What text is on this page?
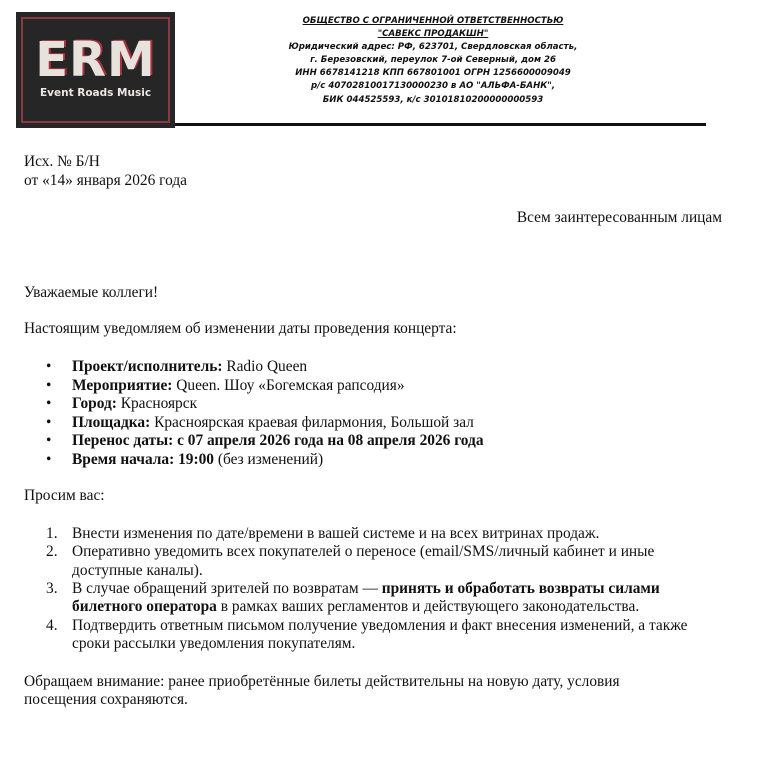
ERM
Event Roads Music
ОБЩЕСТВО С ОГРАНИЧЕННОЙ ОТВЕТСТВЕННОСТЬЮ
"САВЕКС ПРОДАКШН"
Юридический адрес: РФ, 623701, Свердловская область,
г. Березовский, переулок 7-ой Северный, дом 26
ИНН 6678141218 КПП 667801001 ОГРН 1256600009049
р/с 40702810017130000230 в АО "АЛЬФА-БАНК",
БИК 044525593, к/с 30101810200000000593
Исх. № Б/Н
от «14» января 2026 года
Всем заинтересованным лицам
Уважаемые коллеги!
Настоящим уведомляем об изменении даты проведения концерта:
• Проект/исполнитель: Radio Queen
• Мероприятие: Queen. Шоу «Богемская рапсодия»
• Город: Красноярск
• Площадка: Красноярская краевая филармония, Большой зал
• Перенос даты: с 07 апреля 2026 года на 08 апреля 2026 года
• Время начала: 19:00 (без изменений)
Просим вас:
1. Внести изменения по дате/времени в вашей системе и на всех витринах продаж.
2. Оперативно уведомить всех покупателей о переносе (email/SMS/личный кабинет и иные
доступные каналы).
3. В случае обращений зрителей по возвратам — принять и обработать возвраты силами
билетного оператора в рамках ваших регламентов и действующего законодательства.
4. Подтвердить ответным письмом получение уведомления и факт внесения изменений, а также
сроки рассылки уведомления покупателям.
Обращаем внимание: ранее приобретённые билеты действительны на новую дату, условия
посещения сохраняются.
